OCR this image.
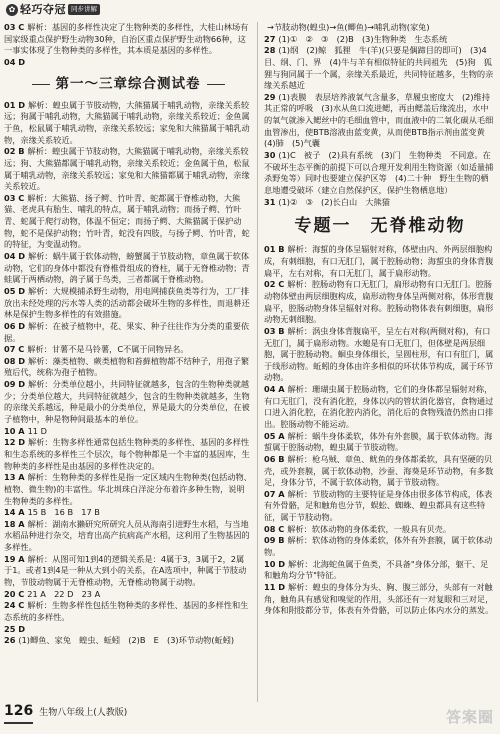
✿ 轻巧夺冠 同步讲解

03 C 解析：基因的多样性决定了生物种类的多样性，大桂山林场有国家级重点保护野生动物30种，自治区重点保护野生动物66种，这一事实体现了生物种类的多样性，其本质是基因的多样性。

04 D

第一～三章综合测试卷

01 D 解析：蝗虫属于节肢动物，大熊猫属于哺乳动物，亲缘关系较远；狗属于哺乳动物，大熊猫属于哺乳动物，亲缘关系较近；金鱼属于鱼，松鼠属于哺乳动物，亲缘关系较远；家兔和大熊猫属于哺乳动物，亲缘关系较近。

02 B 解析：蝗虫属于节肢动物，大熊猫属于哺乳动物，亲缘关系较远；狗、大熊猫都属于哺乳动物，亲缘关系较近；金鱼属于鱼，松鼠属于哺乳动物，亲缘关系较远；家兔和大熊猫都属于哺乳动物，亲缘关系较近。

03 C 解析：大熊猫、扬子鳄、竹叶青、蛇都属于脊椎动物，大熊猫、老虎具有胎生、哺乳的特点，属于哺乳动物；而扬子鳄、竹叶青、蛇属于爬行动物，体温不恒定；而扬子鳄、大熊猫属于保护动物，蛇不是保护动物；竹叶青，蛇没有四肢，与扬子鳄、竹叶青，蛇的特征，为变温动物。

04 D 解析：蜗牛属于软体动物，螃蟹属于节肢动物，章鱼属于软体动物，它们的身体中都没有脊椎骨组成的脊柱，属于无脊椎动物；青蛙属于两栖动物，鸽子属于鸟类，三者都属于脊椎动物。

05 D 解析：大规模捕杀野生动物，用电网捕获鱼类等行为，工厂排放出未经处理的污水等人类的活动都会破坏生物的多样性，而退耕还林是保护生物多样性的有效措施。

06 D 解析：在被子植物中，花、果实、种子往往作为分类的重要依据。

07 C 解析：甘薯不是马铃薯，C不属于同物异名。

08 D 解析：藻类植物、蕨类植物和苔藓植物都不结种子，用孢子繁殖后代，统称为孢子植物。

09 D 解析：分类单位越小，共同特征就越多，包含的生物种类就越少；分类单位越大，共同特征就越少，包含的生物种类就越多，生物的亲缘关系越远，种是最小的分类单位，界是最大的分类单位，在被子植物中，种是物种间最基本的单位。

10 A 11 D

12 D 解析：生物多样性通常包括生物种类的多样性、基因的多样性和生态系统的多样性三个层次，每个物种都是一个丰富的基因库，生物种类的多样性是由基因的多样性决定的。

13 A 解析：生物种类的多样性是指一定区域内生物种类(包括动物、植物、微生物)的丰富性。华北圳珠白洋淀分布着许多种生物，说明生物种类的多样性。

14 A 15 B　16 B　17 B

18 A 解析：湖南水獭研究所研究人员从海南引进野生水稻，与当地水稻品种进行杂交，培育出高产抗病高产水稻，这利用了生物基因的多样性。

19 A 解析：从图可知1到4的逻辑关系是：4属于3，3属于2，2属于1。或者1到4是一种从大到小的关系，在A选项中，种属于节肢动物，节肢动物属于无脊椎动物，无脊椎动物属于动物。

20 C 21 A　22 D　23 A

24 C 解析：生物多样性包括生物种类的多样性、基因的多样性和生态系统的多样性。

25 D

26 (1)鲫鱼、家兔　蝗虫、蚯蚓　(2)B　E　(3)环节动物(蚯蚓)

→节肢动物(蝗虫)→鱼(鲫鱼)→哺乳动物(家兔)

27 (1)①　②　③　(2)B　(3)生物种类　生态系统

28 (1)纲　(2)鲸　狐狸　牛(羊)(只要是偶蹄目的即可)　(3)4　目、纲、门、界　(4)牛与羊有相似特征的共同祖先　(5)狗　狐狸与狗同属于一个属，亲缘关系最近，共同特征越多，生物的亲缘关系越近

29 (1)表膜　表层培养液氧气含量多，草履虫密度大　(2)维持其正常的呼吸　(3)水从鱼口流进鳃，再由鳃盖后缘流出，水中的氧气就渗入鳃丝中的毛细血管中，而血液中的二氧化碳从毛细血管渗出，使BTB溶液由蓝变黄，从而使BTB指示剂由蓝变黄　(4)肺　(5)气囊

30 (1)C　被子　(2)具有系统　(3)门　生物种类　不同意。在不破坏生态平衡的前提下可以合理开发利用生物资源（如适量捕杀野兔等）同时也要建立保护区等　(4)二十种　野生生物的栖息地遭受破坏（建立自然保护区，保护生物栖息地）

31 (1)②　③　(2)长白山　大熊猫

专题一　无脊椎动物

01 B 解析：海蜇的身体呈辐射对称，体壁由内、外两层细胞构成，有刺细胞，有口无肛门，属于腔肠动物；海蜇虫的身体背腹扁平，左右对称，有口无肛门，属于扁形动物。

02 C 解析：腔肠动物有口无肛门，扁形动物有口无肛门。腔肠动物体壁由两层细胞构成，扁形动物身体呈两侧对称，体形背腹扁平，腔肠动物身体呈辐射对称。腔肠动物体表有刺细胞，扁形动物无刺细胞。

03 B 解析：涡虫身体背腹扁平，呈左右对称(两侧对称)，有口无肛门，属于扁形动物。水螅是有口无肛门，但体壁是两层细胞，属于腔肠动物。蛔虫身体细长，呈圆柱形，有口有肛门，属于线形动物。蚯蚓的身体由许多相似的环状体节构成，属于环节动物。

04 A 解析：珊瑚虫属于腔肠动物，它们的身体都呈辐射对称，有口无肛门，没有消化腔，身体以内的管状消化器官，食物通过口进入消化腔，在消化腔内消化，消化后的食物残渣仍然由口排出。腔肠动物不能运动。

05 A 解析：蜗牛身体柔软，体外有外套膜，属于软体动物。海蜇属于腔肠动物，蝗虫属于节肢动物。

06 B 解析：枪乌贼、章鱼、鱿鱼的身体都柔软，具有坚硬的贝壳，或外套膜，属于软体动物，沙蚕、海葵是环节动物，有多数足，身体分节，不属于软体动物，属于节肢动物。

07 A 解析：节肢动物的主要特征是身体由很多体节构成，体表有外骨骼，足和触角也分节，蜈蚣、蜘蛛、蝗虫都具有这些特征，属于节肢动物。

08 C 解析：软体动物的身体柔软，一般具有贝壳。

09 B 解析：软体动物的身体柔软，体外有外套膜，属于软体动物。

10 D 解析：北海蛇鱼属于鱼类，不具备"身体分部，躯干、足和触角均分节"特征。

11 D 解析：蝗虫的身体分为头、胸、腹三部分，头部有一对触角，触角具有感觉和嗅觉的作用，头部还有一对复眼和三对足，身体和附肢都分节，体表有外骨骼，可以防止体内水分的蒸发。

126 生物八年级上(人教版)	答案圈
